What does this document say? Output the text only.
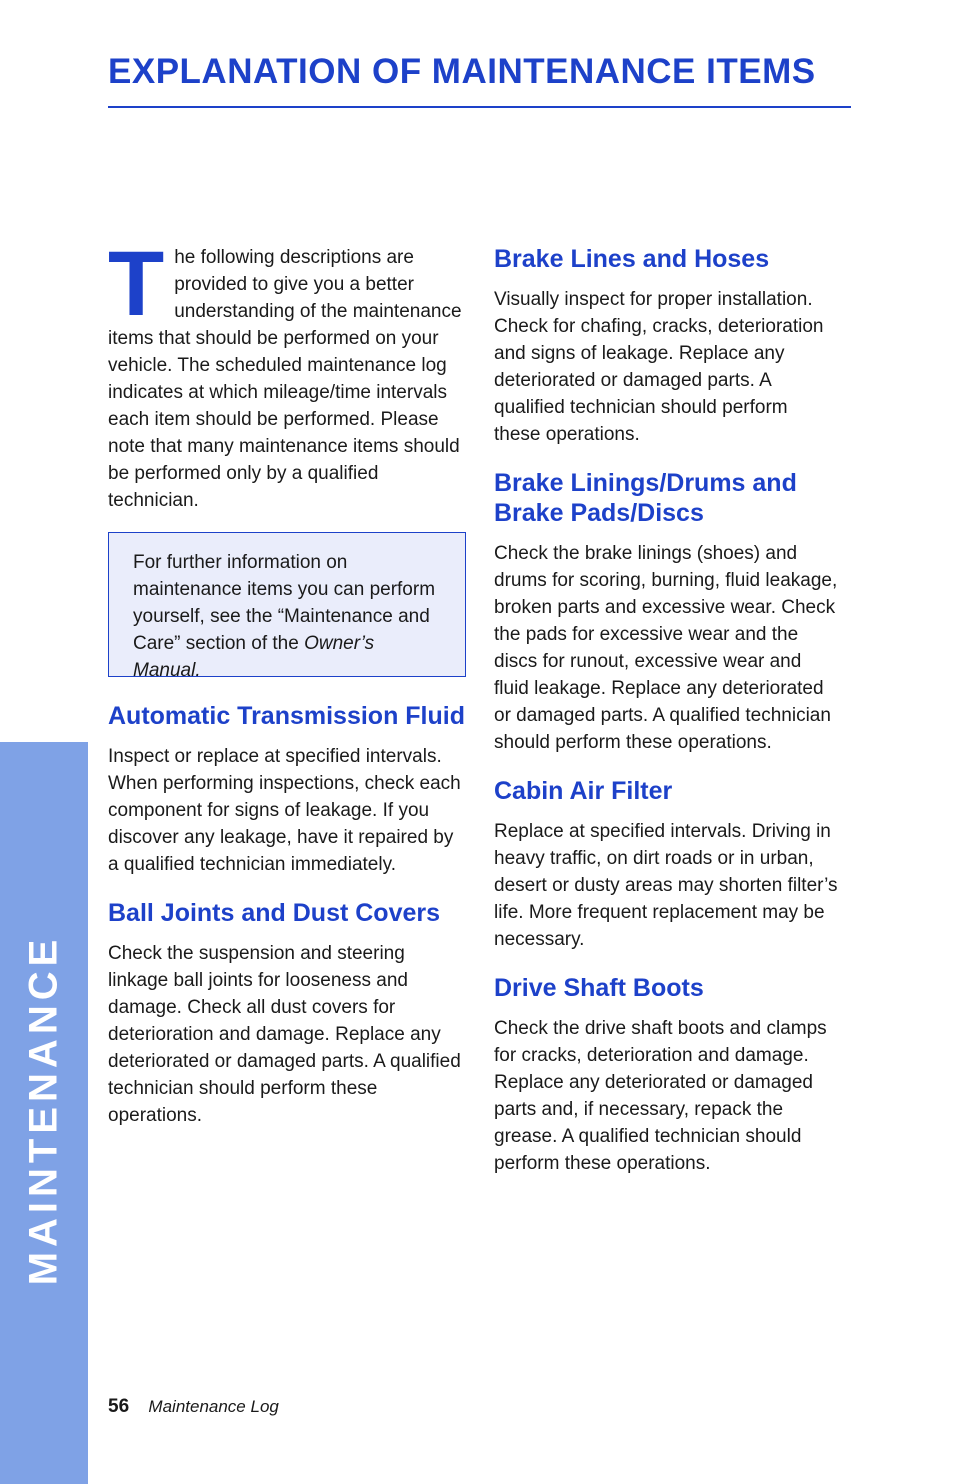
EXPLANATION OF MAINTENANCE ITEMS
MAINTENANCE

T he following descriptions are provided to give you a better understanding of the maintenance items that should be performed on your vehicle. The scheduled maintenance log indicates at which mileage/time intervals each item should be performed. Please note that many maintenance items should be performed only by a qualified technician.

For further information on maintenance items you can perform yourself, see the “Maintenance and Care” section of the Owner’s Manual.
Automatic Transmission Fluid

Inspect or replace at specified intervals. When performing inspections, check each component for signs of leakage. If you discover any leakage, have it repaired by a qualified technician immediately.

Ball Joints and Dust Covers

Check the suspension and steering linkage ball joints for looseness and damage. Check all dust covers for deterioration and damage. Replace any deteriorated or damaged parts. A qualified technician should perform these operations.

Brake Lines and Hoses

Visually inspect for proper installation. Check for chafing, cracks, deterioration and signs of leakage. Replace any deteriorated or damaged parts. A qualified technician should perform these operations.

Brake Linings/Drums and Brake Pads/Discs

Check the brake linings (shoes) and drums for scoring, burning, fluid leakage, broken parts and excessive wear. Check the pads for excessive wear and the discs for runout, excessive wear and fluid leakage. Replace any deteriorated or damaged parts. A qualified technician should perform these operations.

Cabin Air Filter

Replace at specified intervals. Driving in heavy traffic, on dirt roads or in urban, desert or dusty areas may shorten filter’s life. More frequent replacement may be necessary.

Drive Shaft Boots

Check the drive shaft boots and clamps for cracks, deterioration and damage. Replace any deteriorated or damaged parts and, if necessary, repack the grease. A qualified technician should perform these operations.

56 Maintenance Log
